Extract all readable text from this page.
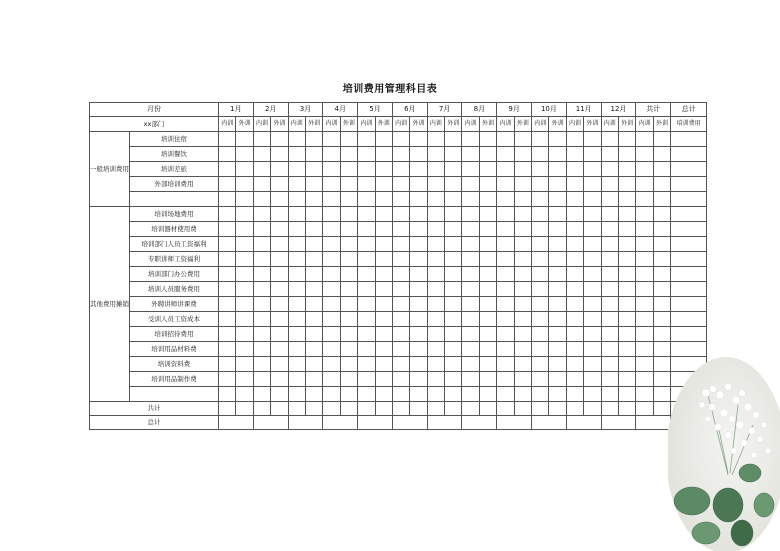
培训费用管理科目表
月份		1月		2月		3月		4月		5月		6月		7月		8月		9月		10月		11月		12月		共计		总计
xx部门		内训	外训	内训	外训	内训	外训	内训	外训	内训	外训	内训	外训	内训	外训	内训	外训	内训	外训	内训	外训	内训	外训	内训	外训	内训	外训	培训费用
一般培训费用	培训住宿																											
	培训餐饮																											
	培训差旅																											
	外部培训费用																											

其他费用摊销	培训场地费用																											
	培训器材使用费																											
	培训部门人员工资福利																											
	专职讲师工资福利																											
	培训部门办公费用																											
	培训人员服务费用																											
	外聘讲师讲课费																											
	受训人员工资成本																											
	培训招待费用																											
	培训用品材料费																											
	培训资料费																											
	培训用品制作费																											

共计																												
总计																												
